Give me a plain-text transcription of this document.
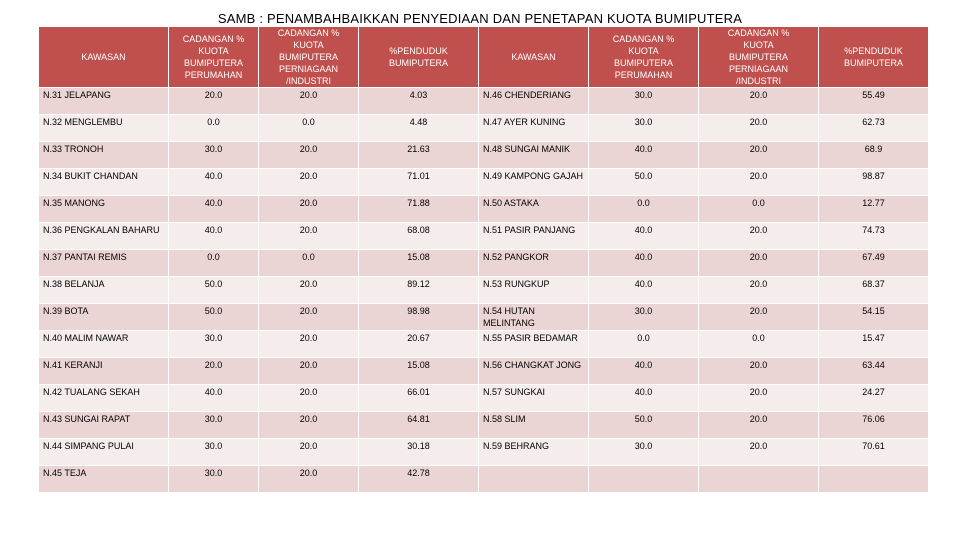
SAMB : PENAMBAHBAIKKAN PENYEDIAAN DAN PENETAPAN KUOTA BUMIPUTERA
KAWASAN	CADANGAN %
KUOTA
BUMIPUTERA
PERUMAHAN	CADANGAN %
KUOTA
BUMIPUTERA
PERNIAGAAN
/INDUSTRI	%PENDUDUK
BUMIPUTERA	KAWASAN	CADANGAN %
KUOTA
BUMIPUTERA
PERUMAHAN	CADANGAN %
KUOTA
BUMIPUTERA
PERNIAGAAN
/INDUSTRI	%PENDUDUK
BUMIPUTERA
N.31 JELAPANG	20.0	20.0	4.03	N.46 CHENDERIANG	30.0	20.0	55.49
N.32 MENGLEMBU	0.0	0.0	4.48	N.47 AYER KUNING	30.0	20.0	62.73
N.33 TRONOH	30.0	20.0	21.63	N.48 SUNGAI MANIK	40.0	20.0	68.9
N.34 BUKIT CHANDAN	40.0	20.0	71.01	N.49 KAMPONG GAJAH	50.0	20.0	98.87
N.35 MANONG	40.0	20.0	71.88	N.50 ASTAKA	0.0	0.0	12.77
N.36 PENGKALAN BAHARU	40.0	20.0	68.08	N.51 PASIR PANJANG	40.0	20.0	74.73
N.37 PANTAI REMIS	0.0	0.0	15.08	N.52 PANGKOR	40.0	20.0	67.49
N.38 BELANJA	50.0	20.0	89.12	N.53 RUNGKUP	40.0	20.0	68.37
N.39 BOTA	50.0	20.0	98.98	N.54 HUTAN MELINTANG	30.0	20.0	54.15
N.40 MALIM NAWAR	30.0	20.0	20.67	N.55 PASIR BEDAMAR	0.0	0.0	15.47
N.41 KERANJI	20.0	20.0	15.08	N.56 CHANGKAT JONG	40.0	20.0	63.44
N.42 TUALANG SEKAH	40.0	20.0	66.01	N.57 SUNGKAI	40.0	20.0	24.27
N.43 SUNGAI RAPAT	30.0	20.0	64.81	N.58 SLIM	50.0	20.0	76.06
N.44 SIMPANG PULAI	30.0	20.0	30.18	N.59 BEHRANG	30.0	20.0	70.61
N.45 TEJA	30.0	20.0	42.78				
